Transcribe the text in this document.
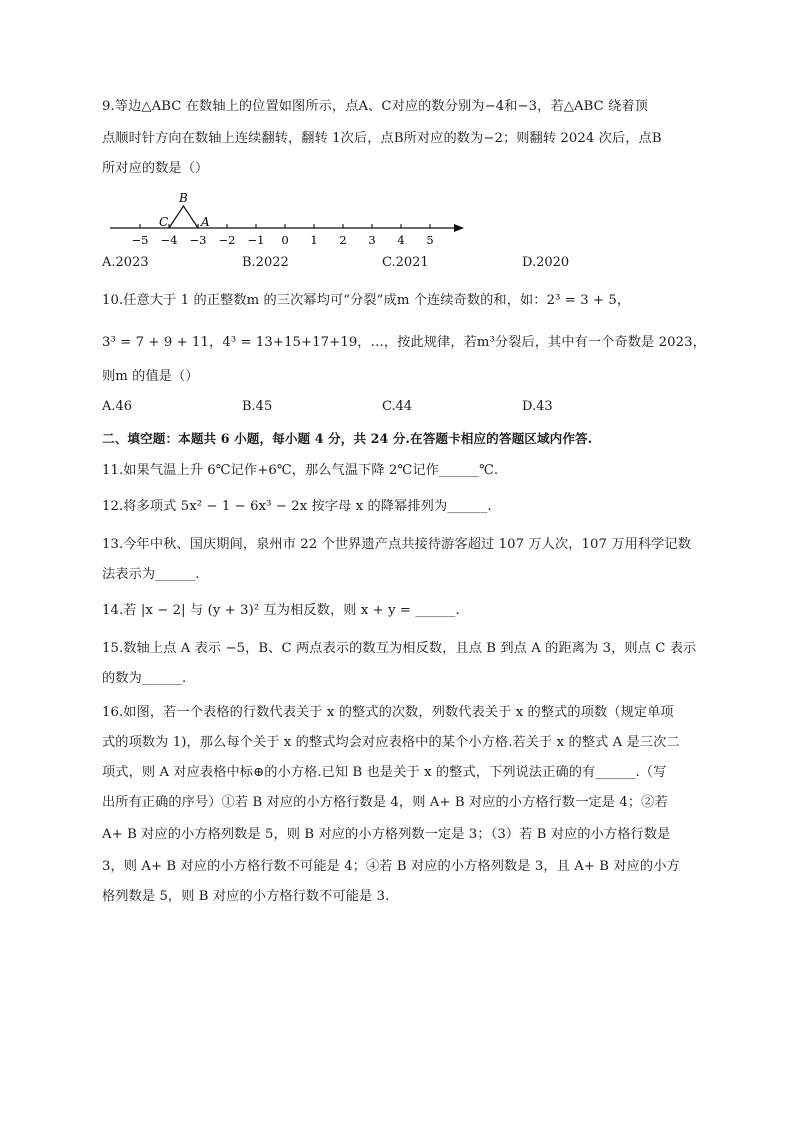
9.等边△ABC 在数轴上的位置如图所示，点A、C对应的数分别为−4和−3，若△ABC 绕着顶
点顺时针方向在数轴上连续翻转，翻转 1次后，点B所对应的数为−2；则翻转 2024 次后，点B
所对应的数是（）
−5 −4 −3 −2 −1 0 1 2 3 4 5
C
B
A
A.2023	B.2022	C.2021	D.2020
10.任意大于 1 的正整数m 的三次幂均可“分裂”成m 个连续奇数的和，如：2³ = 3 + 5，
3³ = 7 + 9 + 11，4³ = 13+15+17+19，…，按此规律，若m³分裂后，其中有一个奇数是 2023，
则m 的值是（）
A.46	B.45	C.44	D.43
二、填空题：本题共 6 小题，每小题 4 分，共 24 分.在答题卡相应的答题区域内作答.
11.如果气温上升 6℃记作+6℃，那么气温下降 2℃记作______℃.
12.将多项式 5x² − 1 − 6x³ − 2x 按字母 x 的降幂排列为______.
13.今年中秋、国庆期间，泉州市 22 个世界遗产点共接待游客超过 107 万人次，107 万用科学记数
法表示为______.
14.若 |x − 2| 与 (y + 3)² 互为相反数，则 x + y = ______.
15.数轴上点 A 表示 −5，B、C 两点表示的数互为相反数，且点 B 到点 A 的距离为 3，则点 C 表示
的数为______.
16.如图，若一个表格的行数代表关于 x 的整式的次数，列数代表关于 x 的整式的项数（规定单项
式的项数为 1)，那么每个关于 x 的整式均会对应表格中的某个小方格.若关于 x 的整式 A 是三次二
项式，则 A 对应表格中标⊕的小方格.已知 B 也是关于 x 的整式，下列说法正确的有______.（写
出所有正确的序号）①若 B 对应的小方格行数是 4，则 A+ B 对应的小方格行数一定是 4；②若
A+ B 对应的小方格列数是 5，则 B 对应的小方格列数一定是 3；（3）若 B 对应的小方格行数是
3，则 A+ B 对应的小方格行数不可能是 4；④若 B 对应的小方格列数是 3，且 A+ B 对应的小方
格列数是 5，则 B 对应的小方格行数不可能是 3.
